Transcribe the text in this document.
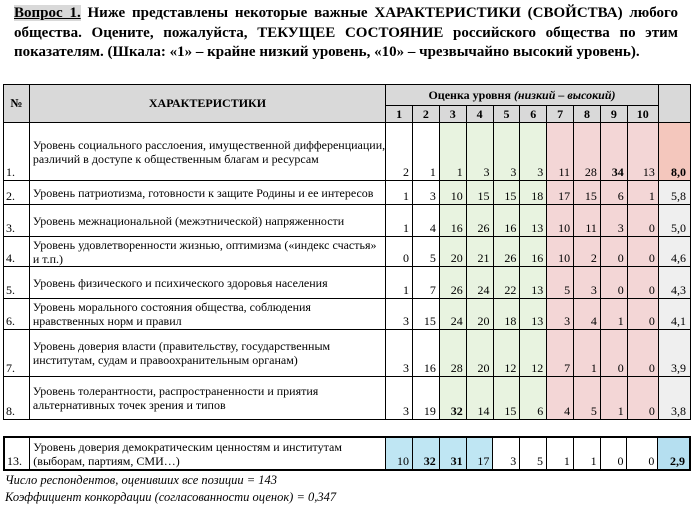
Вопрос 1. Ниже представлены некоторые важные ХАРАКТЕРИСТИКИ (СВОЙСТВА) любого общества. Оцените, пожалуйста, ТЕКУЩЕЕ СОСТОЯНИЕ российского общества по этим показателям. (Шкала: «1» – крайне низкий уровень, «10» – чрезвычайно высокий уровень).
№	ХАРАКТЕРИСТИКИ	Оценка уровня (низкий – высокий)										
		1	2	3	4	5	6	7	8	9	10	
1.	Уровень социального расслоения, имущественной дифференциации, различий в доступе к общественным благам и ресурсам	2	1	1	3	3	3	11	28	34	13	8,0
2.	Уровень патриотизма, готовности к защите Родины и ее интересов	1	3	10	15	15	18	17	15	6	1	5,8
3.	Уровень межнациональной (межэтнической) напряженности	1	4	16	26	16	13	10	11	3	0	5,0
4.	Уровень удовлетворенности жизнью, оптимизма («индекс счастья» и т.п.)	0	5	20	21	26	16	10	2	0	0	4,6
5.	Уровень физического и психического здоровья населения	1	7	26	24	22	13	5	3	0	0	4,3
6.	Уровень морального состояния общества, соблюдения нравственных норм и правил	3	15	24	20	18	13	3	4	1	0	4,1
7.	Уровень доверия власти (правительству, государственным институтам, судам и правоохранительным органам)	3	16	28	20	12	12	7	1	0	0	3,9
8.	Уровень толерантности, распространенности и приятия альтернативных точек зрения и типов	3	19	32	14	15	6	4	5	1	0	3,8
13.	Уровень доверия демократическим ценностям и институтам (выборам, партиям, СМИ…)	10	32	31	17	3	5	1	1	0	0	2,9
Число респондентов, оценивших все позиции = 143
Коэффициент конкордации (согласованности оценок) = 0,347
